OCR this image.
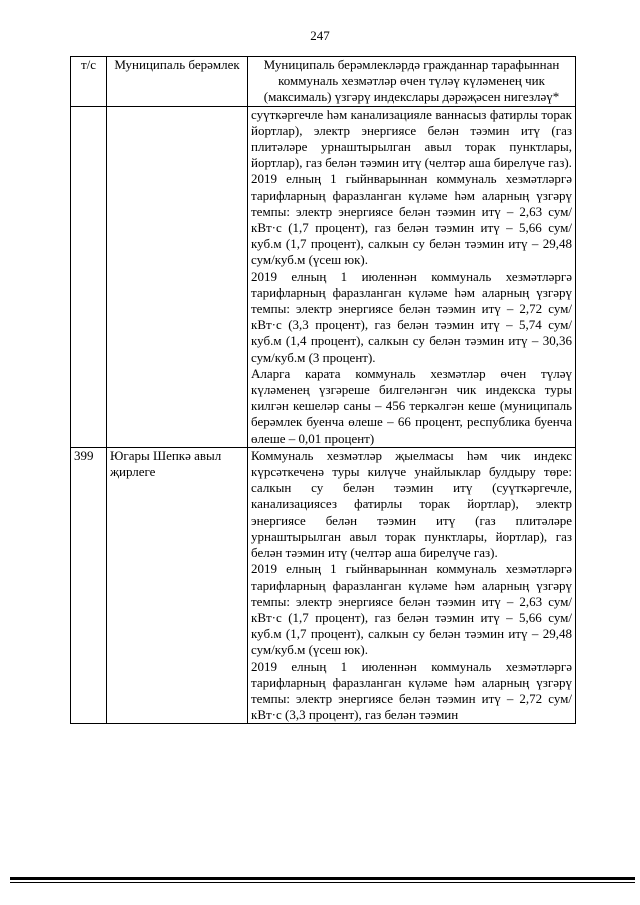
247
т/с	Муниципаль берәмлек	Муниципаль берәмлекләрдә гражданнар тарафыннан коммуналь хезмәтләр өчен түләү күләменең чик (максималь) үзгәрү индекслары дәрәҗәсен нигезләү*

		суүткәргечле һәм канализацияле ваннасыз фатирлы торак йортлар), электр энергиясе белән тәэмин итү (газ плитәләре урнаштырылган авыл торак пунктлары, йортлар), газ белән тәэмин итү (челтәр аша бирелүче газ).

2019 елның 1 гыйнварыннан коммуналь хезмәтләргә тарифларның фаразланган күләме һәм аларның үзгәрү темпы: электр энергиясе белән тәэмин итү – 2,63 сум/кВт·с (1,7 процент), газ белән тәэмин итү – 5,66 сум/куб.м (1,7 процент), салкын су белән тәэмин итү – 29,48 сум/куб.м (үсеш юк).

2019 елның 1 июленнән коммуналь хезмәтләргә тарифларның фаразланган күләме һәм аларның үзгәрү темпы: электр энергиясе белән тәэмин итү – 2,72 сум/кВт·с (3,3 процент), газ белән тәэмин итү – 5,74 сум/куб.м (1,4 процент), салкын су белән тәэмин итү – 30,36 сум/куб.м (3 процент).

Аларга карата коммуналь хезмәтләр өчен түләү күләменең үзгәреше билгеләнгән чик индекска туры килгән кешеләр саны – 456 теркәлгән кеше (муниципаль берәмлек буенча өлеше – 66 процент, республика буенча өлеше – 0,01 процент)

399	Югары Шепкә авыл җирлеге	Коммуналь хезмәтләр җыелмасы һәм чик индекс күрсәткеченә туры килүче унайлыклар булдыру төре: салкын су белән тәэмин итү (суүткәргечле, канализациясез фатирлы торак йортлар), электр энергиясе белән тәэмин итү (газ плитәләре урнаштырылган авыл торак пунктлары, йортлар), газ белән тәэмин итү (челтәр аша бирелүче газ).

2019 елның 1 гыйнварыннан коммуналь хезмәтләргә тарифларның фаразланган күләме һәм аларның үзгәрү темпы: электр энергиясе белән тәэмин итү – 2,63 сум/кВт·с (1,7 процент), газ белән тәэмин итү – 5,66 сум/куб.м (1,7 процент), салкын су белән тәэмин итү – 29,48 сум/куб.м (үсеш юк).

2019 елның 1 июленнән коммуналь хезмәтләргә тарифларның фаразланган күләме һәм аларның үзгәрү темпы: электр энергиясе белән тәэмин итү – 2,72 сум/кВт·с (3,3 процент), газ белән тәэмин
